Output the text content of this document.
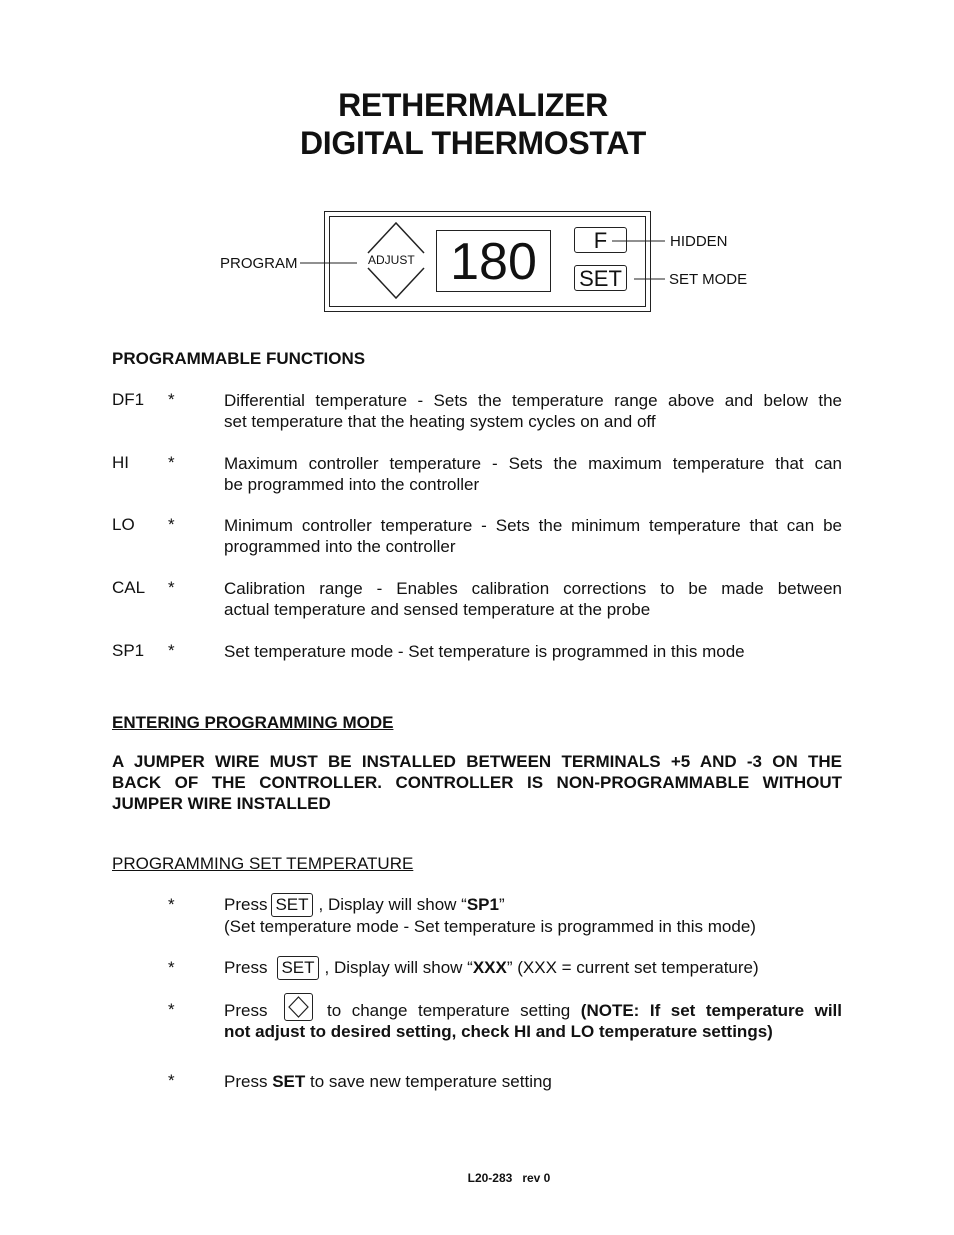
RETHERMALIZER
DIGITAL THERMOSTAT
ADJUST 180	F
SET
PROGRAM
HIDDEN
SET MODE
PROGRAMMABLE FUNCTIONS
DF1 *	Differential temperature - Sets the temperature range above and below the
set temperature that the heating system cycles on and off
HI *	Maximum controller temperature - Sets the maximum temperature that can
be programmed into the controller
LO *	Minimum controller temperature - Sets the minimum temperature that can be
programmed into the controller
CAL *	Calibration range - Enables calibration corrections to be made between
actual temperature and sensed temperature at the probe
SP1 *	Set temperature mode - Set temperature is programmed in this mode
ENTERING PROGRAMMING MODE
A JUMPER WIRE MUST BE INSTALLED BETWEEN TERMINALS +5 AND -3 ON THE
BACK OF THE CONTROLLER. CONTROLLER IS NON-PROGRAMMABLE WITHOUT
JUMPER WIRE INSTALLED
PROGRAMMING SET TEMPERATURE
*	Press SET , Display will show “SP1”
(Set temperature mode - Set temperature is programmed in this mode)
*	Press SET , Display will show “XXX” (XXX = current set temperature)
*	Press	to change temperature setting (NOTE: If set temperature will
not adjust to desired setting, check HI and LO temperature settings)
*	Press SET to save new temperature setting
L20-283   rev 0
